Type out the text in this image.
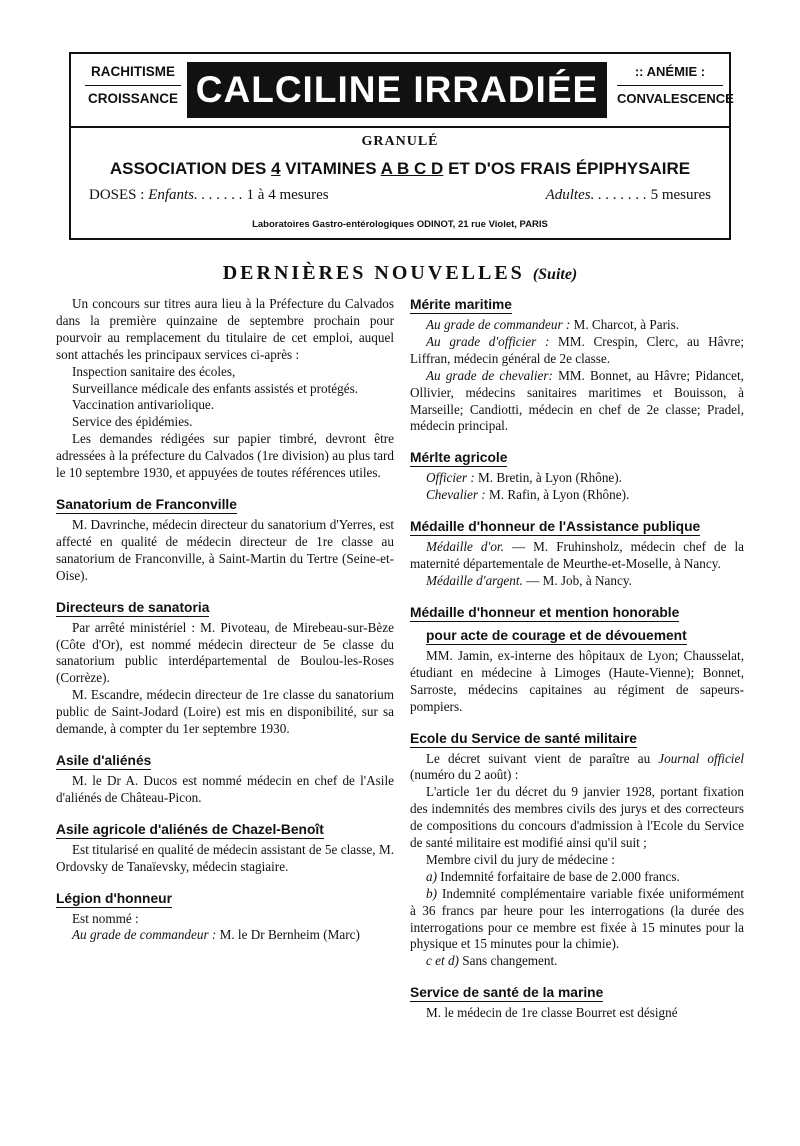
RACHITISME
CROISSANCE CALCILINE IRRADIÉE	:: ANÉMIE :
CONVALESCENCE
GRANULÉ
ASSOCIATION DES 4 VITAMINES A B C D ET D'OS FRAIS ÉPIPHYSAIRE
DOSES : Enfants. . . . . . . 1 à 4 mesures	Adultes. . . . . . . . 5 mesures
Laboratoires Gastro-entérologiques ODINOT, 21 rue Violet, PARIS
DERNIÈRES NOUVELLES (Suite)

Un concours sur titres aura lieu à la Préfecture du Calvados dans la première quinzaine de septembre prochain pour pourvoir au remplacement du titulaire de cet emploi, auquel sont attachés les principaux services ci-après :

Inspection sanitaire des écoles,

Surveillance médicale des enfants assistés et protégés.

Vaccination antivariolique.

Service des épidémies.

Les demandes rédigées sur papier timbré, devront être adressées à la préfecture du Calvados (1re division) au plus tard le 10 septembre 1930, et appuyées de toutes références utiles.

Sanatorium de Franconville

M. Davrinche, médecin directeur du sanatorium d'Yerres, est affecté en qualité de médecin directeur de 1re classe au sanatorium de Franconville, à Saint-Martin du Tertre (Seine-et-Oise).

Directeurs de sanatoria

Par arrêté ministériel : M. Pivoteau, de Mirebeau-sur-Bèze (Côte d'Or), est nommé médecin directeur de 5e classe du sanatorium public interdépartemental de Boulou-les-Roses (Corrèze).

M. Escandre, médecin directeur de 1re classe du sanatorium public de Saint-Jodard (Loire) est mis en disponibilité, sur sa demande, à compter du 1er septembre 1930.

Asile d'aliénés

M. le Dr A. Ducos est nommé médecin en chef de l'Asile d'aliénés de Château-Picon.

Asile agricole d'aliénés de Chazel-Benoît

Est titularisé en qualité de médecin assistant de 5e classe, M. Ordovsky de Tanaïevsky, médecin stagiaire.

Légion d'honneur

Est nommé :

Au grade de commandeur : M. le Dr Bernheim (Marc)

Mérite maritime

Au grade de commandeur : M. Charcot, à Paris.

Au grade d'officier : MM. Crespin, Clerc, au Hâvre; Liffran, médecin général de 2e classe.

Au grade de chevalier: MM. Bonnet, au Hâvre; Pidancet, Ollivier, médecins sanitaires maritimes et Bouisson, à Marseille; Candiotti, médecin en chef de 2e classe; Pradel, médecin principal.

Mérlte agricole

Officier : M. Bretin, à Lyon (Rhône).

Chevalier : M. Rafin, à Lyon (Rhône).

Médaille d'honneur de l'Assistance publique

Médaille d'or. — M. Fruhinsholz, médecin chef de la maternité départementale de Meurthe-et-Moselle, à Nancy.

Médaille d'argent. — M. Job, à Nancy.

Médaille d'honneur et mention honorable
pour acte de courage et de dévouement

MM. Jamin, ex-interne des hôpitaux de Lyon; Chausselat, étudiant en médecine à Limoges (Haute-Vienne); Bonnet, Sarroste, médecins capitaines au régiment de sapeurs-pompiers.

Ecole du Service de santé militaire

Le décret suivant vient de paraître au Journal officiel (numéro du 2 août) :

L'article 1er du décret du 9 janvier 1928, portant fixation des indemnités des membres civils des jurys et des correcteurs de compositions du concours d'admission à l'Ecole du Service de santé militaire est modifié ainsi qu'il suit ;

Membre civil du jury de médecine :

a) Indemnité forfaitaire de base de 2.000 francs.

b) Indemnité complémentaire variable fixée uniformément à 36 francs par heure pour les interrogations (la durée des interrogations pour ce membre est fixée à 15 minutes pour la physique et 15 minutes pour la chimie).

c et d) Sans changement.

Service de santé de la marine

M. le médecin de 1re classe Bourret est désigné
